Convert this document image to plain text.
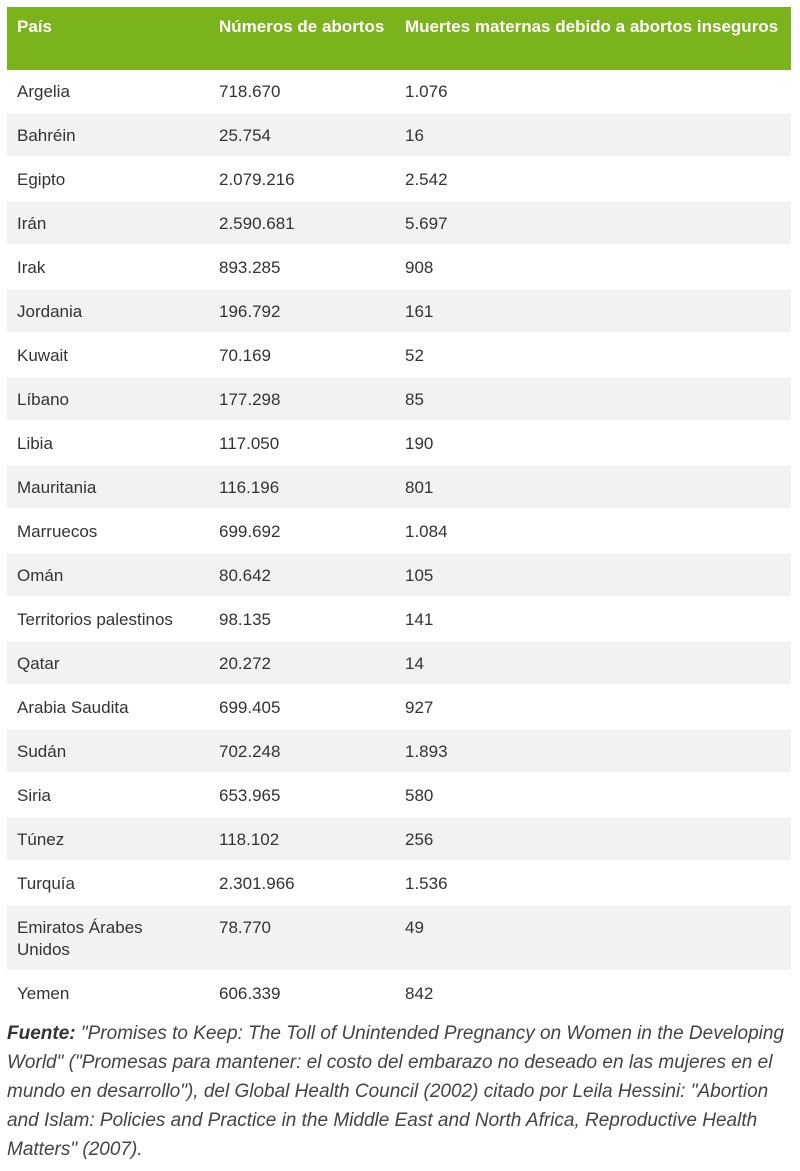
País	Números de abortos	Muertes maternas debido a abortos inseguros
Argelia	718.670	1.076
Bahréin	25.754	16
Egipto	2.079.216	2.542
Irán	2.590.681	5.697
Irak	893.285	908
Jordania	196.792	161
Kuwait	70.169	52
Líbano	177.298	85
Libia	117.050	190
Mauritania	116.196	801
Marruecos	699.692	1.084
Omán	80.642	105
Territorios palestinos	98.135	141
Qatar	20.272	14
Arabia Saudita	699.405	927
Sudán	702.248	1.893
Siria	653.965	580
Túnez	118.102	256
Turquía	2.301.966	1.536
Emiratos Árabes Unidos	78.770	49
Yemen	606.339	842

Fuente: "Promises to Keep: The Toll of Unintended Pregnancy on Women in the Developing World" ("Promesas para mantener: el costo del embarazo no deseado en las mujeres en el mundo en desarrollo"), del Global Health Council (2002) citado por Leila Hessini: "Abortion and Islam: Policies and Practice in the Middle East and North Africa, Reproductive Health Matters" (2007).
